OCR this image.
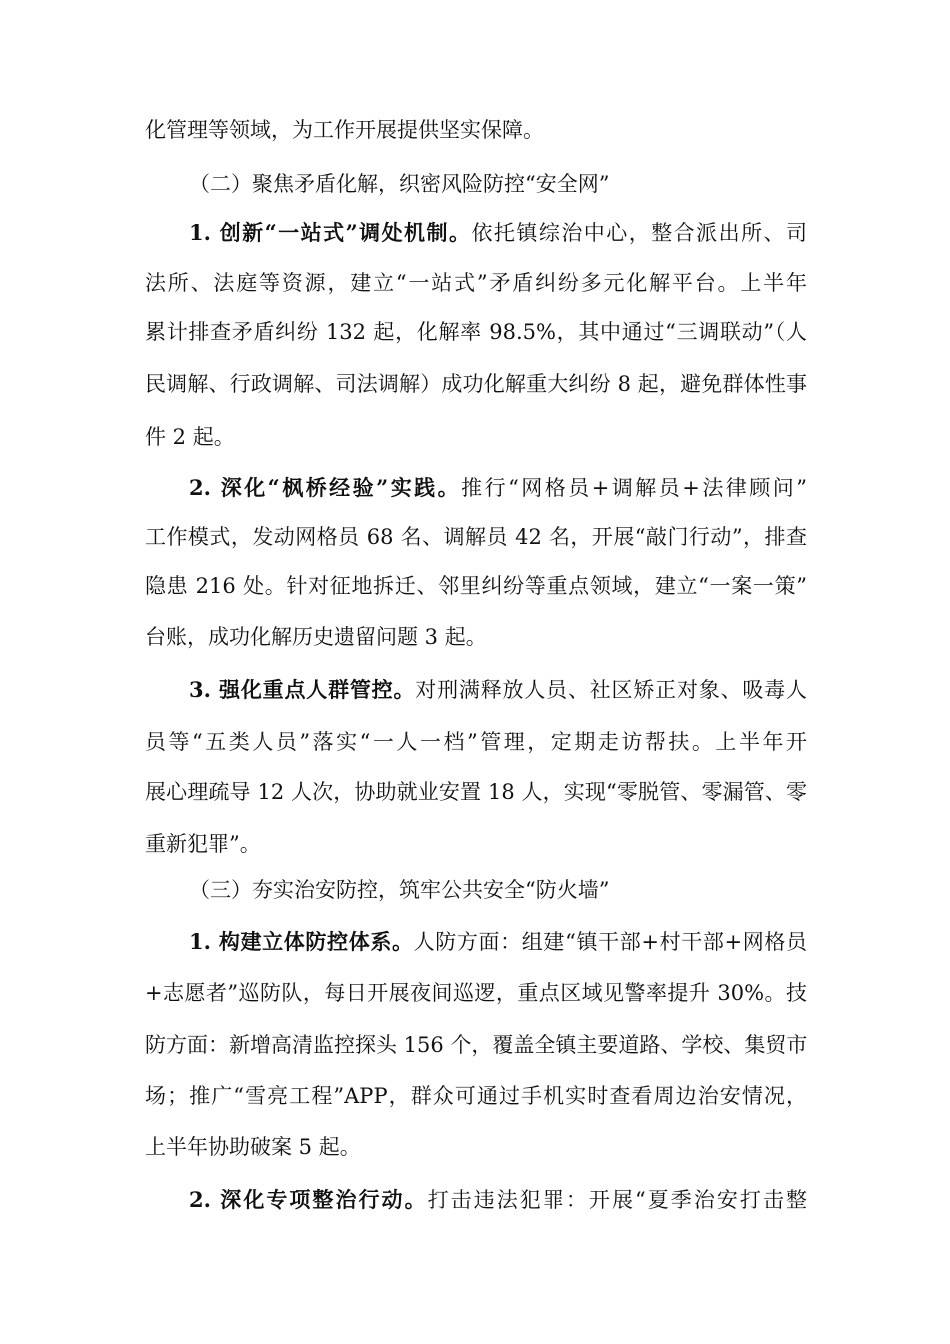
化管理等领域，为工作开展提供坚实保障。
（二）聚焦矛盾化解，织密风险防控“安全网”
1. 创新“一站式”调处机制。依托镇综治中心，整合派出所、司
法所、法庭等资源，建立“一站式”矛盾纠纷多元化解平台。上半年
累计排查矛盾纠纷 132 起，化解率 98.5%，其中通过“三调联动”（人
民调解、行政调解、司法调解）成功化解重大纠纷 8 起，避免群体性事
件 2 起。
2. 深化“枫桥经验”实践。推行“网格员+调解员+法律顾问”
工作模式，发动网格员 68 名、调解员 42 名，开展“敲门行动”，排查
隐患 216 处。针对征地拆迁、邻里纠纷等重点领域，建立“一案一策”
台账，成功化解历史遗留问题 3 起。
3. 强化重点人群管控。对刑满释放人员、社区矫正对象、吸毒人
员等“五类人员”落实“一人一档”管理，定期走访帮扶。上半年开
展心理疏导 12 人次，协助就业安置 18 人，实现“零脱管、零漏管、零
重新犯罪”。
（三）夯实治安防控，筑牢公共安全“防火墙”
1. 构建立体防控体系。人防方面：组建“镇干部+村干部+网格员
+志愿者”巡防队，每日开展夜间巡逻，重点区域见警率提升 30%。技
防方面：新增高清监控探头 156 个，覆盖全镇主要道路、学校、集贸市
场；推广“雪亮工程”APP，群众可通过手机实时查看周边治安情况，
上半年协助破案 5 起。
2. 深化专项整治行动。打击违法犯罪：开展“夏季治安打击整
